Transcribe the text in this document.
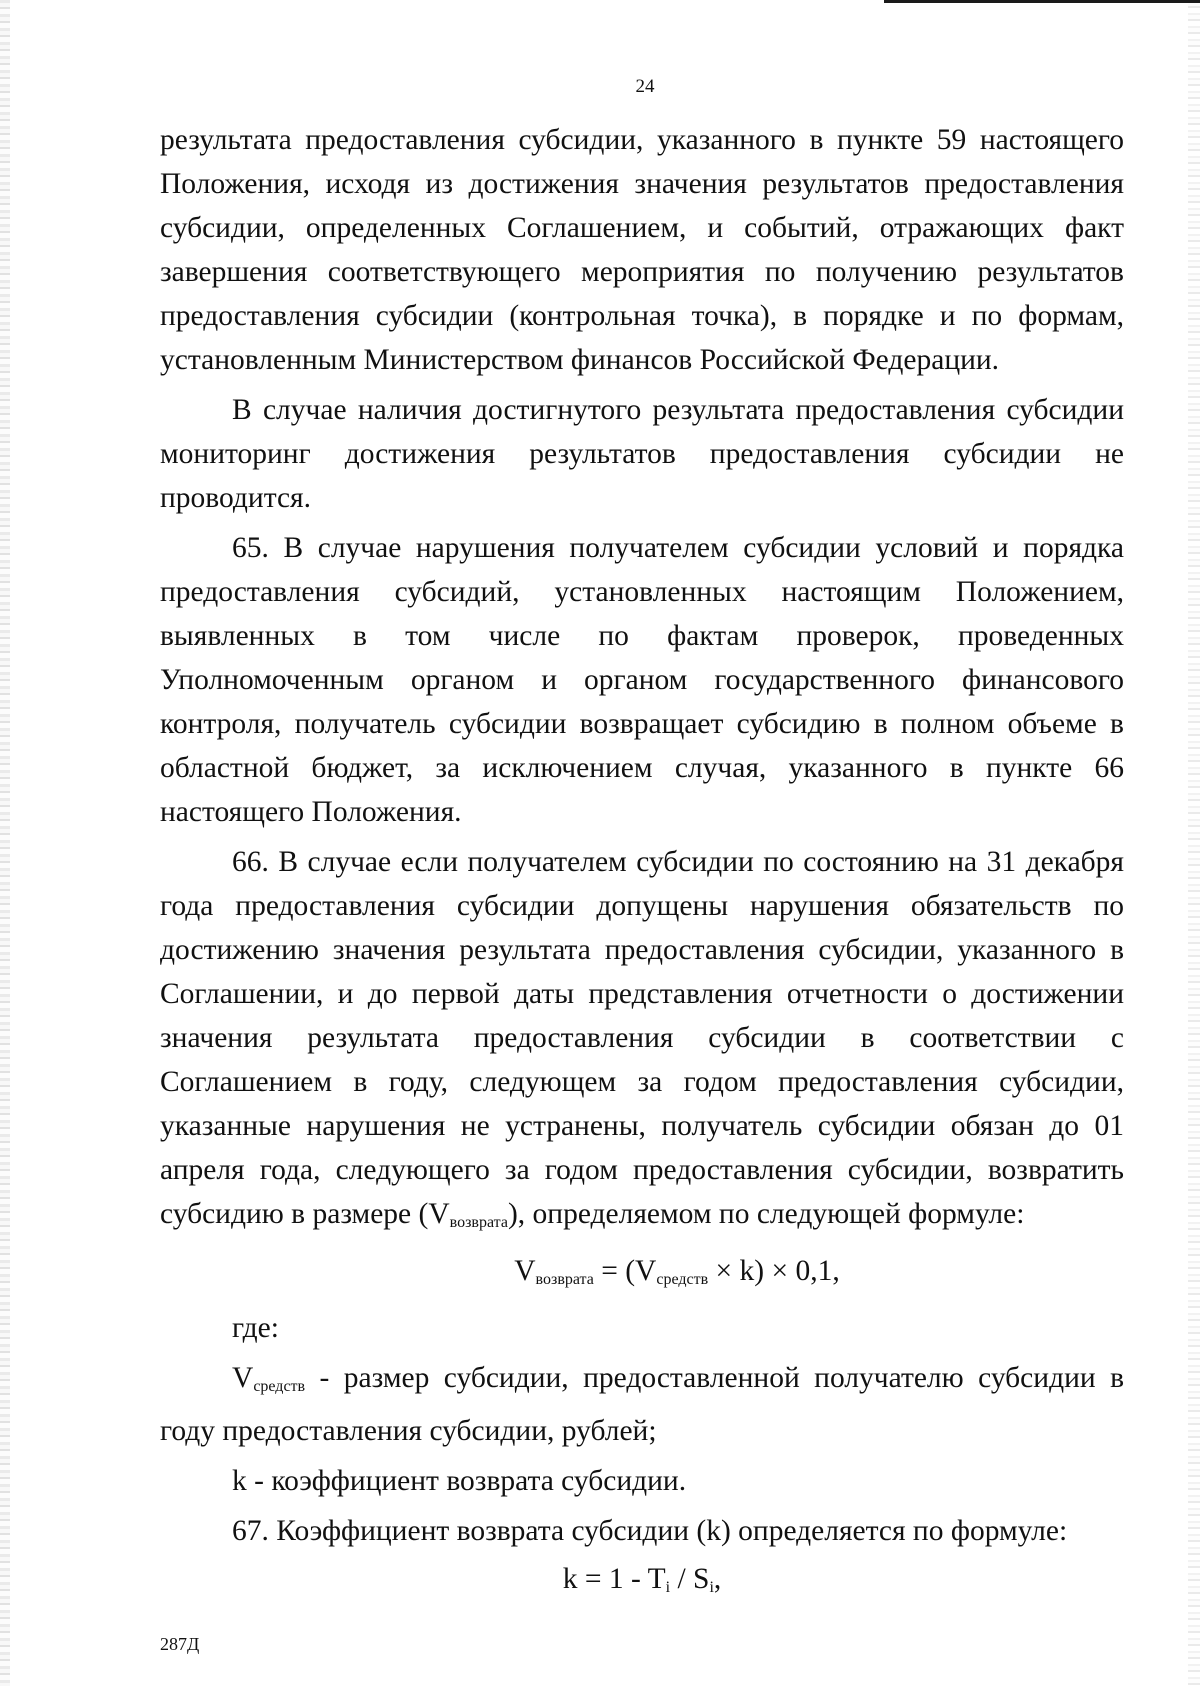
24

результата предоставления субсидии, указанного в пункте 59 настоящего Положения, исходя из достижения значения результатов предоставления субсидии, определенных Соглашением, и событий, отражающих факт завершения соответствующего мероприятия по получению результатов предоставления субсидии (контрольная точка), в порядке и по формам, установленным Министерством финансов Российской Федерации.

В случае наличия достигнутого результата предоставления субсидии мониторинг достижения результатов предоставления субсидии не проводится.

65. В случае нарушения получателем субсидии условий и порядка предоставления субсидий, установленных настоящим Положением, выявленных в том числе по фактам проверок, проведенных Уполномоченным органом и органом государственного финансового контроля, получатель субсидии возвращает субсидию в полном объеме в областной бюджет, за исключением случая, указанного в пункте 66 настоящего Положения.

66. В случае если получателем субсидии по состоянию на 31 декабря года предоставления субсидии допущены нарушения обязательств по достижению значения результата предоставления субсидии, указанного в Соглашении, и до первой даты представления отчетности о достижении значения результата предоставления субсидии в соответствии с Соглашением в году, следующем за годом предоставления субсидии, указанные нарушения не устранены, получатель субсидии обязан до 01 апреля года, следующего за годом предоставления субсидии, возвратить субсидию в размере $(V_{возврата})$, определяемом по следующей формуле:

$V_{возврата} = (V_{средств} \times k) \times 0,1$,

где:

$V_{средств}$ - размер субсидии, предоставленной получателю субсидии в году предоставления субсидии, рублей;

k - коэффициент возврата субсидии.

67. Коэффициент возврата субсидии (k) определяется по формуле:

$k = 1 - T_i / S_i$,

287Д
